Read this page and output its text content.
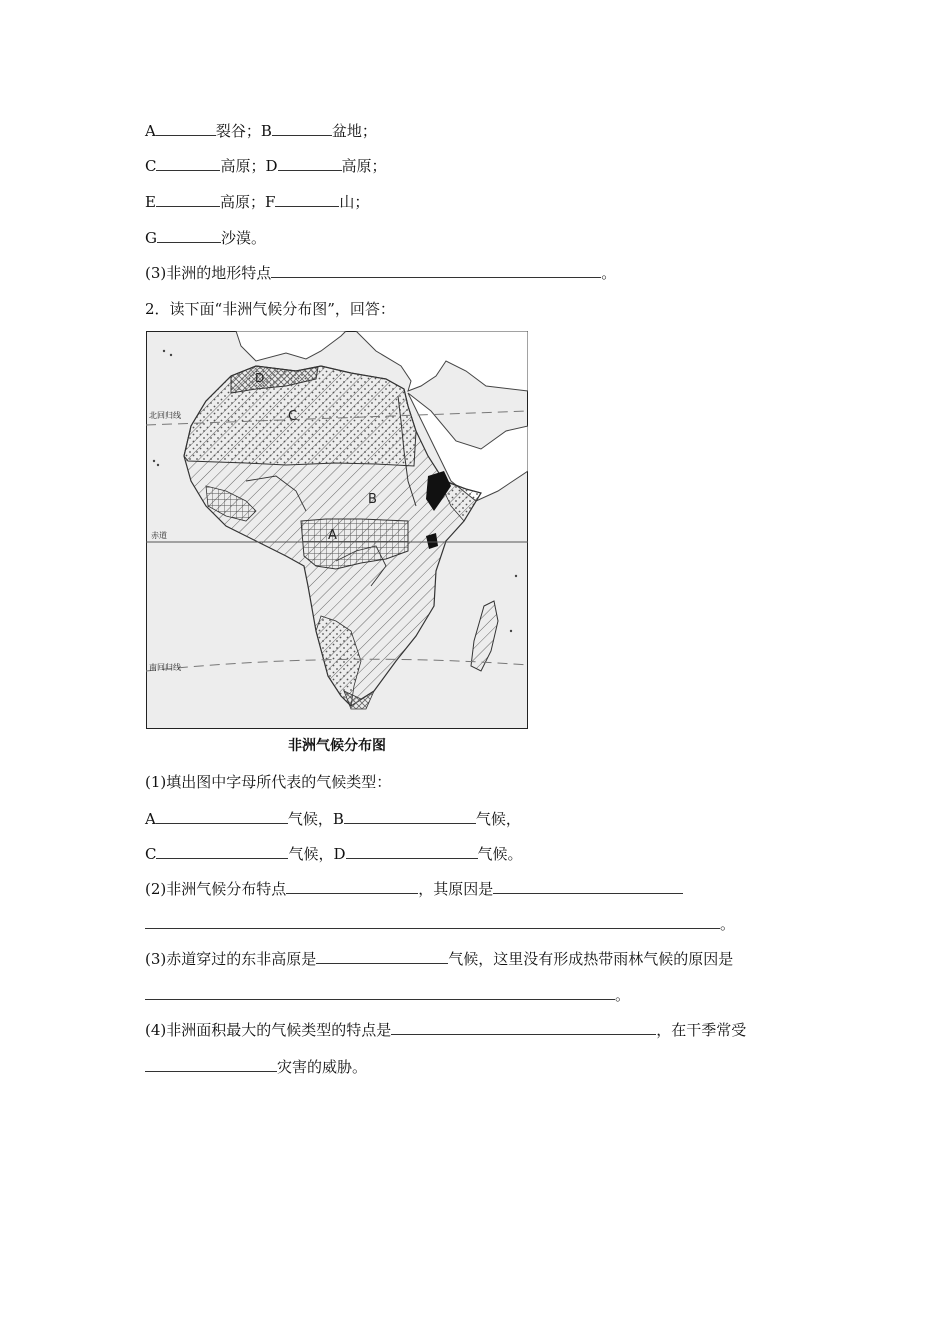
A	裂谷；B	盆地；
C	高原；D	高原；
E	高原；F	山；
G	沙漠。
(3)非洲的地形特点	。
2．读下面“非洲气候分布图”，回答：
北回归线
赤道
南回归线
D
C
B
A
非洲气候分布图
(1)填出图中字母所代表的气候类型：
A	气候，B	气候，
C	气候，D	气候。
(2)非洲气候分布特点	，其原因是
。
(3)赤道穿过的东非高原是	气候，这里没有形成热带雨林气候的原因是
。
(4)非洲面积最大的气候类型的特点是	，在干季常受
灾害的威胁。
